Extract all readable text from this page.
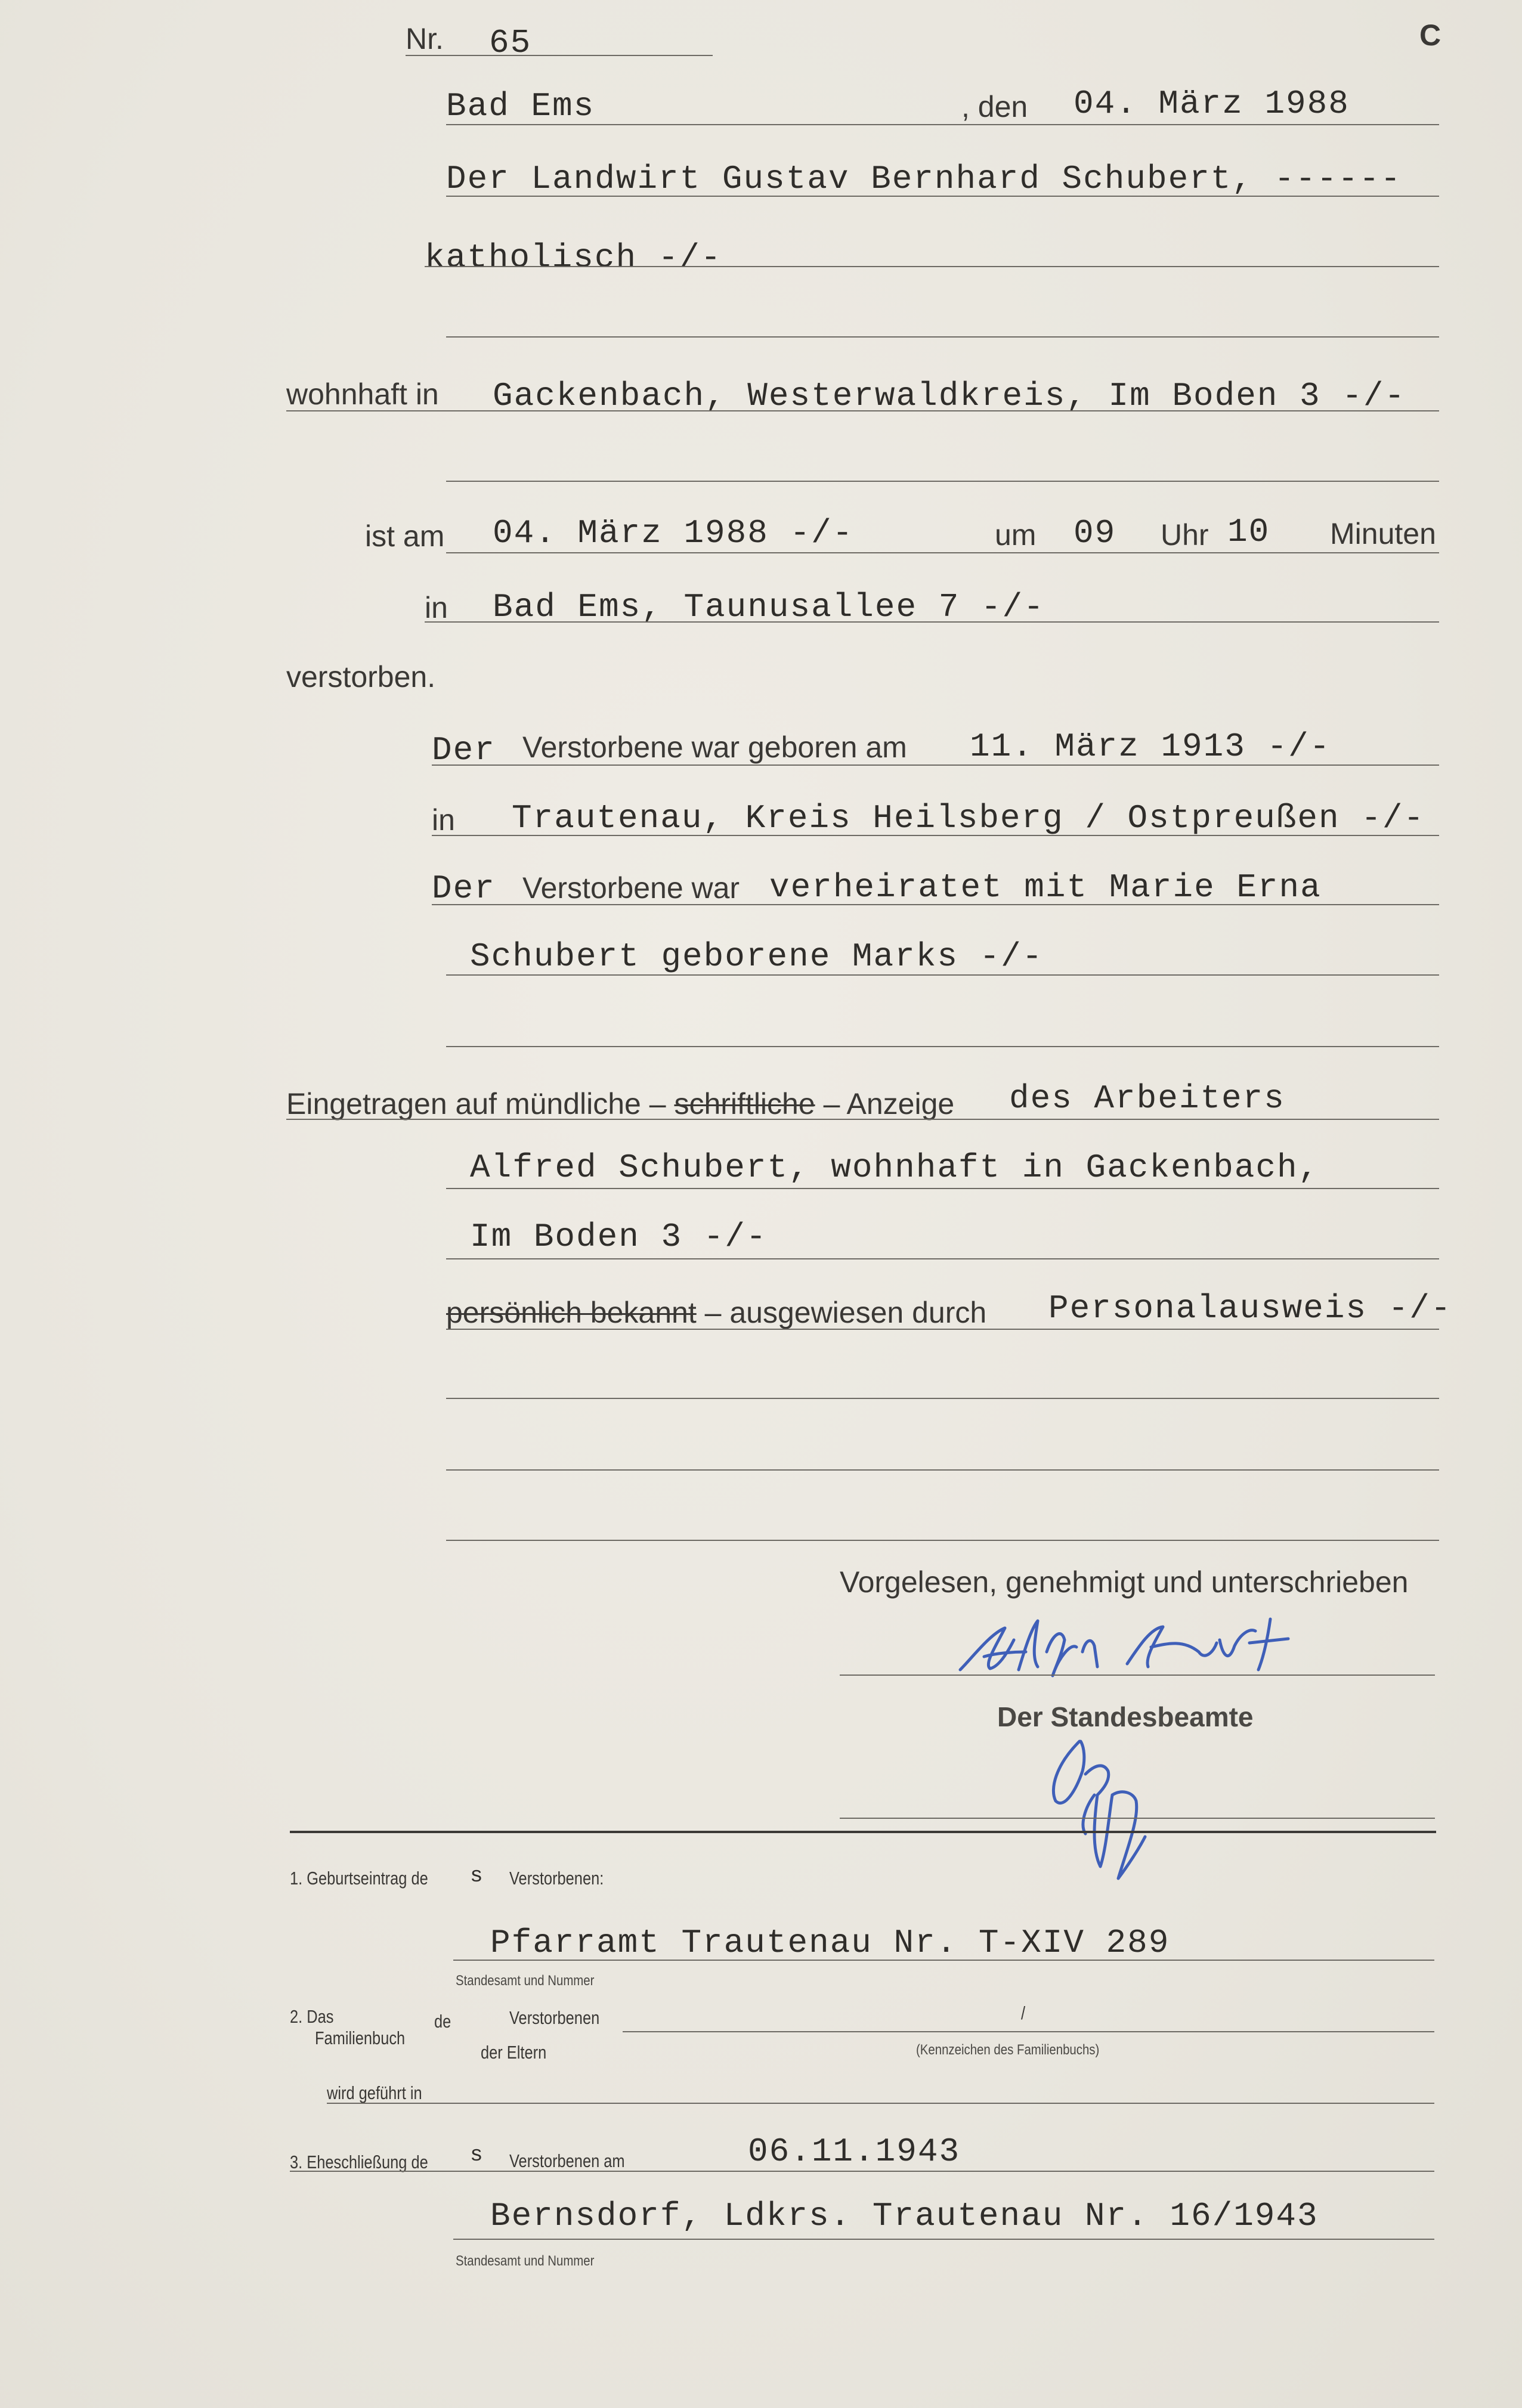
Nr. 65	C
Bad Ems	, den 04. März 1988
Der Landwirt Gustav Bernhard Schubert, ------
katholisch -/-
wohnhaft in Gackenbach, Westerwaldkreis, Im Boden 3 -/-
ist am 04. März 1988 -/-	um 09 Uhr 10 Minuten
in Bad Ems, Taunusallee 7 -/-
verstorben.
Der Verstorbene war geboren am 11. März 1913 -/-
in Trautenau, Kreis Heilsberg / Ostpreußen -/-
Der Verstorbene war verheiratet mit Marie Erna
Schubert geborene Marks -/-
Eingetragen auf mündliche – schriftliche – Anzeige des Arbeiters
Alfred Schubert, wohnhaft in Gackenbach,
Im Boden 3 -/-
persönlich bekannt – ausgewiesen durch Personalausweis -/-
Vorgelesen, genehmigt und unterschrieben
Der Standesbeamte
1. Geburtseintrag de s Verstorbenen:
Pfarramt Trautenau Nr. T-XIV 289
Standesamt und Nummer
2. Das
Familienbuch
de	Verstorbenen
der Eltern
/
(Kennzeichen des Familienbuchs)
wird geführt in
3. Eheschließung de s Verstorbenen am	06.11.1943
Bernsdorf, Ldkrs. Trautenau Nr. 16/1943
Standesamt und Nummer
